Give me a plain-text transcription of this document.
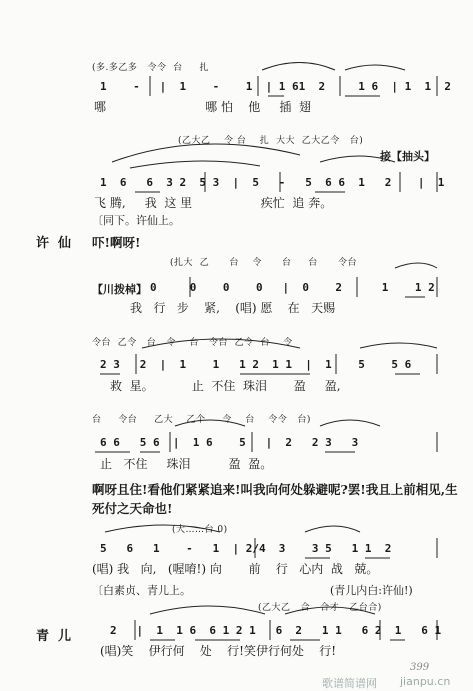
(多.多乙多   令令  台     扎
1    -   |  1    -    1  | 1 61  2     1 6  | 1  1  2
哪                          哪 怕    他     插  翅
(乙大乙    令 台    扎  大大  乙大乙令   台)
接【抽头】
1  6   6  3 2  5 3  |  5   -   5  6 6  1   2    |  1
飞 腾,     我  这 里                  疾忙  追 奔。
〔同下。许仙上。
许  仙 吓!啊呀!
(扎大  乙      台    令      台     台      令台
【川拨棹】 0     0    0    0   |  0    2      1    1 2
我   行   步    紧,    (唱) 愿    在   天赐
令台  乙令   台   令    台   令台  乙令  台    令
2 3   2  |  1    1   1 2  1 1  |  1    5    5 6
救  星。          止  不住  珠泪       盈     盈,
台     令台     乙大    乙个     令    台    令令   台)
6 6   5 6  |  1 6    5   |  2   2 3   3
止   不住     珠泪          盈  盈。
啊呀且住!看他们紧紧追来!叫我向何处躲避呢?罢!我且上前相见,生
死付之天命也!
(大……台 0)
5   6   1    -   1  | 2/4  3    3 5   1 1  2
(唱) 我   向,   (喔唷!) 向       前    行   心内  战   兢。
〔白素贞、青儿上。	(青儿内白:许仙!)
(乙大乙   合   合才   乙台合)
青  儿	2   |  1  1 6  6 1 2 1   6  2   1 1   6 2  1   6 1
(唱)笑    伊行何    处    行!笑伊行何处    行!
399
歌谱简谱网 jianpu.cn
